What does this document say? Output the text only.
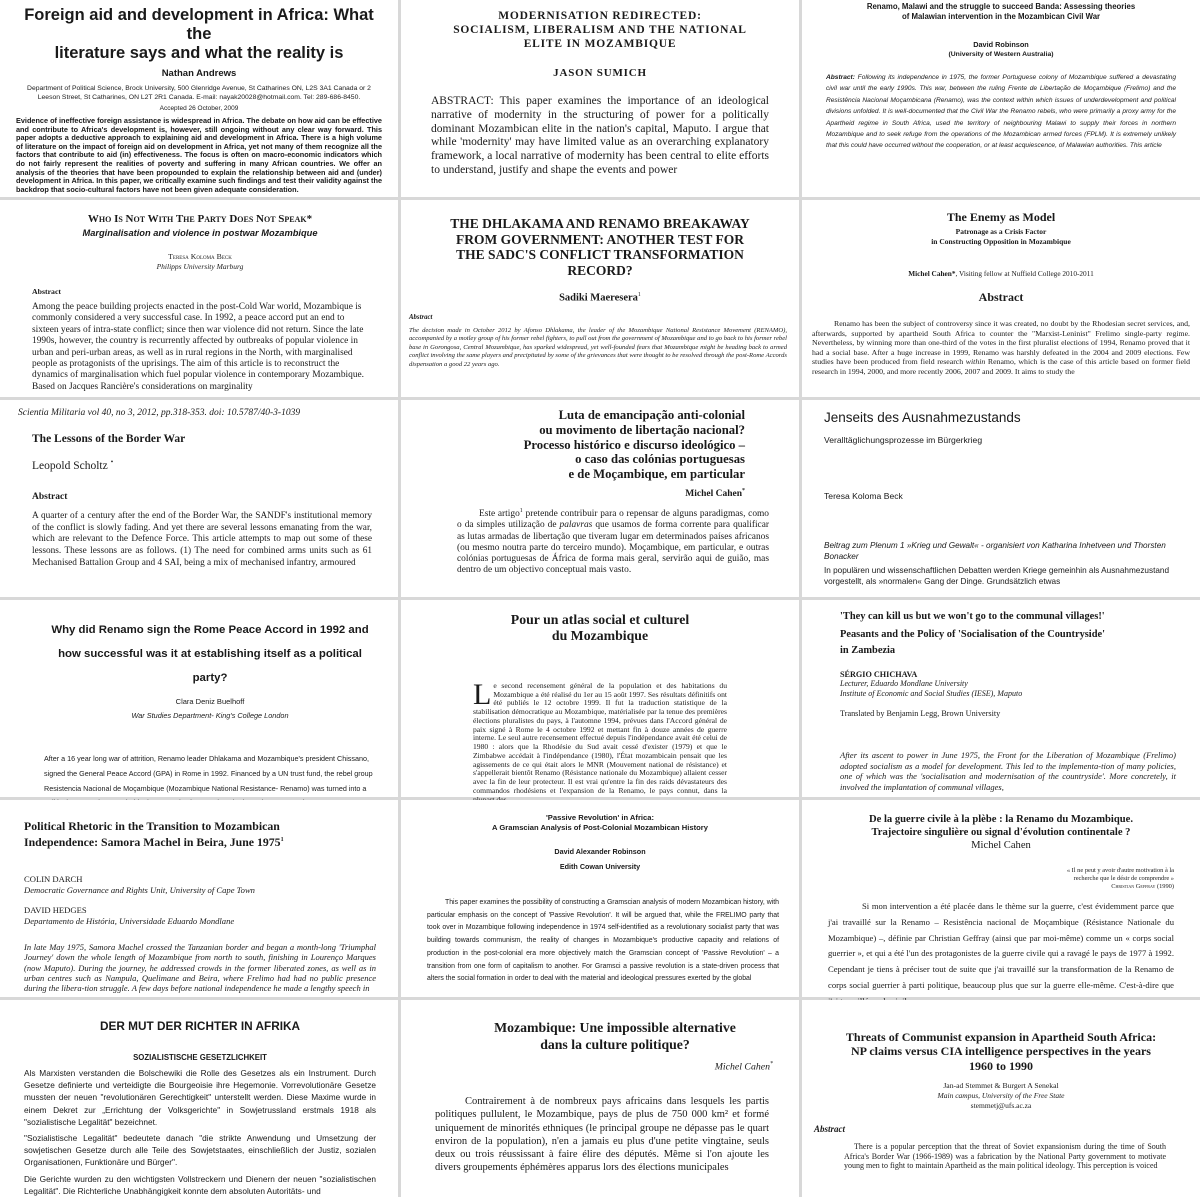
Foreign aid and development in Africa: What the
literature says and what the reality is
Nathan Andrews
Department of Political Science, Brock University, 500 Glenridge Avenue, St Catharines ON, L2S 3A1 Canada or 2 Leeson Street, St Catharines, ON L2T 2R1 Canada. E-mail: nayak20028@hotmail.com. Tel: 289-686-8450.
Accepted 26 October, 2009
Evidence of ineffective foreign assistance is widespread in Africa. The debate on how aid can be effective and contribute to Africa's development is, however, still ongoing without any clear way forward. This paper adopts a deductive approach to explaining aid and development in Africa. There is a high volume of literature on the impact of foreign aid on development in Africa, yet not many of them recognize all the factors that contribute to aid (in) effectiveness. The focus is often on macro-economic indicators which do not fairly represent the realities of poverty and suffering in many African countries. We offer an analysis of the theories that have been propounded to explain the relationship between aid and (under) development in Africa. In this paper, we critically examine such findings and test their validity against the backdrop that socio-cultural factors have not been given adequate consideration.
MODERNISATION REDIRECTED:
SOCIALISM, LIBERALISM AND THE NATIONAL
ELITE IN MOZAMBIQUE
JASON SUMICH
ABSTRACT: This paper examines the importance of an ideological narrative of modernity in the structuring of power for a politically dominant Mozambican elite in the nation's capital, Maputo. I argue that while 'modernity' may have limited value as an overarching explanatory framework, a local narrative of modernity has been central to elite efforts to understand, justify and shape the events and power
Renamo, Malawi and the struggle to succeed Banda: Assessing theories
of Malawian intervention in the Mozambican Civil War
David Robinson
(University of Western Australia)
Abstract: Following its independence in 1975, the former Portuguese colony of Mozambique suffered a devastating civil war until the early 1990s. This war, between the ruling Frente de Libertação de Moçambique (Frelimo) and the Resistência Nacional Moçambicana (Renamo), was the context within which issues of underdevelopment and political divisions unfolded. It is well-documented that the Civil War the Renamo rebels, who were primarily a proxy army for the Apartheid regime in South Africa, used the territory of neighbouring Malawi to supply their forces in northern Mozambique and to seek refuge from the operations of the Mozambican armed forces (FPLM). It is extremely unlikely that this could have occurred without the cooperation, or at least acquiescence, of Malawian authorities. This article
Who Is Not With The Party Does Not Speak*
Marginalisation and violence in postwar Mozambique
Teresa Koloma Beck
Philipps University Marburg
Abstract
Among the peace building projects enacted in the post-Cold War world, Mozambique is commonly considered a very successful case. In 1992, a peace accord put an end to sixteen years of intra-state conflict; since then war violence did not return. Since the late 1990s, however, the country is recurrently affected by outbreaks of popular violence in urban and peri-urban areas, as well as in rural regions in the North, with marginalised people as protagonists of the uprisings. The aim of this article is to reconstruct the dynamics of marginalisation which fuel popular violence in contemporary Mozambique. Based on Jacques Rancière's considerations on marginality
THE DHLAKAMA AND RENAMO BREAKAWAY
FROM GOVERNMENT: ANOTHER TEST FOR
THE SADC'S CONFLICT TRANSFORMATION
RECORD?
Sadiki Maeresera$^1$
Abstract
The decision made in October 2012 by Afonso Dhlakama, the leader of the Mozambique National Resistance Movement (RENAMO), accompanied by a motley group of his former rebel fighters, to pull out from the government of Mozambique and to go back to his former rebel base in Gorongosa, Central Mozambique, has sparked widespread, yet well-founded fears that Mozambique might be heading back to armed conflict involving the same players and precipitated by some of the grievances that were thought to be resolved through the post-Rome Accords dispensation a good 22 years ago.
The Enemy as Model
Patronage as a Crisis Factor
in Constructing Opposition in Mozambique
Michel Cahen*, Visiting fellow at Nuffield College 2010-2011
Abstract
Renamo has been the subject of controversy since it was created, no doubt by the Rhodesian secret services, and, afterwards, supported by apartheid South Africa to counter the "Marxist-Leninist" Frelimo single-party regime. Nevertheless, by winning more than one-third of the votes in the first pluralist elections of 1994, Renamo proved that it had a social base. After a huge increase in 1999, Renamo was harshly defeated in the 2004 and 2009 elections. Few studies have been produced from field research within Renamo, which is the case of this article based on former field research in 1994, 2000, and more recently 2006, 2007 and 2009. It aims to study the
Scientia Militaria vol 40, no 3, 2012, pp.318-353. doi: 10.5787/40-3-1039
The Lessons of the Border War
Leopold Scholtz •
Abstract
A quarter of a century after the end of the Border War, the SANDF's institutional memory of the conflict is slowly fading. And yet there are several lessons emanating from the war, which are relevant to the Defence Force. This article attempts to map out some of these lessons. These lessons are as follows. (1) The need for combined arms units such as 61 Mechanised Battalion Group and 4 SAI, being a mix of mechanised infantry, armoured
Luta de emancipação anti-colonial
ou movimento de libertação nacional?
Processo histórico e discurso ideológico –
o caso das colónias portuguesas
e de Moçambique, em particular
Michel Cahen*
Este artigo$^1$ pretende contribuir para o repensar de alguns paradigmas, como o da simples utilização de palavras que usamos de forma corrente para qualificar as lutas armadas de libertação que tiveram lugar em determinados países africanos (ou mesmo noutra parte do terceiro mundo). Moçambique, em particular, e outras colónias portuguesas de África de forma mais geral, servirão aqui de guião, mas dentro de um objectivo conceptual mais vasto.
Jenseits des Ausnahmezustands
Veralltäglichungsprozesse im Bürgerkrieg
Teresa Koloma Beck
Beitrag zum Plenum 1 »Krieg und Gewalt« - organisiert von Katharina Inhetveen und Thorsten Bonacker
In populären und wissenschaftlichen Debatten werden Kriege gemeinhin als Ausnahmezustand vorgestellt, als »normalen« Gang der Dinge. Grundsätzlich etwas
Why did Renamo sign the Rome Peace Accord in 1992 and
how successful was it at establishing itself as a political
party?
Clara Deniz Buelhoff
War Studies Department- King's College London
After a 16 year long war of attrition, Renamo leader Dhlakama and Mozambique's president Chissano, signed the General Peace Accord (GPA) in Rome in 1992. Financed by a UN trust fund, the rebel group Resistencia Nacional de Moçambique (Mozambique National Resistance- Renamo) was turned into a
Pour un atlas social et culturel
du Mozambique
Le second recensement général de la population et des habitations du Mozambique a été réalisé du 1er au 15 août 1997. Ses résultats définitifs ont été publiés le 12 octobre 1999. Il fut la traduction statistique de la stabilisation démocratique au Mozambique, matérialisée par la tenue des premières élections pluralistes du pays, à l'automne 1994, prévues dans l'Accord général de paix signé à Rome le 4 octobre 1992 et mettant fin à douze années de guerre interne. Le seul autre recensement effectué depuis l'indépendance avait été celui de 1980 : alors que la Rhodésie du Sud avait cessé d'exister (1979) et que le Zimbabwe accédait à l'indépendance (1980), l'État mozambicain pensait que les agissements de ce qui était alors le MNR (Mouvement national de résistance) et s'appellerait bientôt Renamo (Résistance nationale du Mozambique) allaient cesser avec la fin de leur protecteur. Il est vrai qu'entre la fin des raids dévastateurs des commandos rhodésiens et l'expansion de la Renamo, le pays connut, dans la
'They can kill us but we won't go to the communal villages!'
Peasants and the Policy of 'Socialisation of the Countryside'
in Zambezia
SÉRGIO CHICHAVA
Lecturer, Eduardo Mondlane University
Institute of Economic and Social Studies (IESE), Maputo
Translated by Benjamin Legg, Brown University
After its ascent to power in June 1975, the Front for the Liberation of Mozambique (Frelimo) adopted socialism as a model for development. This led to the implementa-tion of many policies, one of which was the 'socialisation and modernisation of the countryside'. More concretely, it involved the implantation of communal villages,
Political Rhetoric in the Transition to Mozambican
Independence: Samora Machel in Beira, June 1975$^1$
COLIN DARCH
Democratic Governance and Rights Unit, University of Cape Town
DAVID HEDGES
Departamento de História, Universidade Eduardo Mondlane
In late May 1975, Samora Machel crossed the Tanzanian border and began a month-long 'Triumphal Journey' down the whole length of Mozambique from north to south, finishing in Lourenço Marques (now Maputo). During the journey, he addressed crowds in the former liberated zones, as well as in urban centres such as Nampula, Quelimane and Beira, where Frelimo had had no public presence during the libera-tion struggle. A few days before national independence he made a lengthy speech in
'Passive Revolution' in Africa:
A Gramscian Analysis of Post-Colonial Mozambican History
David Alexander Robinson
Edith Cowan University
This paper examines the possibility of constructing a Gramscian analysis of modern Mozambican history, with particular emphasis on the concept of 'Passive Revolution'. It will be argued that, while the FRELIMO party that took over in Mozambique following independence in 1974 self-identified as a revolutionary socialist party that was building towards communism, the reality of changes in Mozambique's productive capacity and relations of production in the post-colonial era more objectively match the Gramscian concept of 'Passive Revolution' – a transition from one form of capitalism to another. For Gramsci a passive revolution is a state-driven process that alters the social formation in order to deal with the material and ideological pressures exerted by the global
De la guerre civile à la plèbe : la Renamo du Mozambique.
Trajectoire singulière ou signal d'évolution continentale ?
Michel Cahen
« Il ne peut y avoir d'autre motivation à la
recherche que le désir de comprendre »
Christian Geffray (1990)
Si mon intervention a été placée dans le thème sur la guerre, c'est évidemment parce que j'ai travaillé sur la Renamo – Resistência nacional de Moçambique (Résistance Nationale du Mozambique) –, définie par Christian Geffray (ainsi que par moi-même) comme un « corps social guerrier », et qui a été l'un des protagonistes de la guerre civile qui a ravagé le pays de 1977 à 1992. Cependant je tiens à préciser tout de suite que j'ai travaillé sur la transformation de la Renamo de corps social guerrier à parti politique, beaucoup plus que sur la guerre elle-même. C'est-à-dire que
DER MUT DER RICHTER IN AFRIKA
SOZIALISTISCHE GESETZLICHKEIT
Als Marxisten verstanden die Bolschewiki die Rolle des Gesetzes als ein Instrument. Durch Gesetze definierte und verteidigte die Bourgeoisie ihre Hegemonie. Vorrevolutionäre Gesetze mussten der neuen "revolutionären Gerechtigkeit" unterstellt werden. Diese Maxime wurde in einem Dekret zur „Errichtung der Volksgerichte" in Sowjetrussland erstmals 1918 als "sozialistische Legalität" bezeichnet.
"Sozialistische Legalität" bedeutete danach "die strikte Anwendung und Umsetzung der sowjetischen Gesetze durch alle Teile des Sowjetstaates, einschließlich der Justiz, sozialen Organisationen, Funktionäre und Bürger".
Die Gerichte wurden zu den wichtigsten Vollstreckern und Dienern der neuen "sozialistischen Legalität". Die Richterliche Unabhängigkeit konnte dem absoluten Autoritäts- und
Mozambique: Une impossible alternative
dans la culture politique?
Michel Cahen*
Contrairement à de nombreux pays africains dans lesquels les partis politiques pullulent, le Mozambique, pays de plus de 750 000 km² et formé uniquement de minorités ethniques (le principal groupe ne dépasse pas le quart environ de la population), n'en a jamais eu plus d'une petite vingtaine, seuls deux ou trois réussissant à faire élire des députés. Même si l'on ajoute les divers groupements éphémères apparus lors des élections municipales
Threats of Communist expansion in Apartheid South Africa:
NP claims versus CIA intelligence perspectives in the years
1960 to 1990
Jan-ad Stemmet & Burgert A Senekal
Main campus, University of the Free State
stemmetj@ufs.ac.za
Abstract
There is a popular perception that the threat of Soviet expansionism during the time of South Africa's Border War (1966-1989) was a fabrication by the National Party government to motivate young men to fight to maintain Apartheid as the main political ideology. This perception is voiced
